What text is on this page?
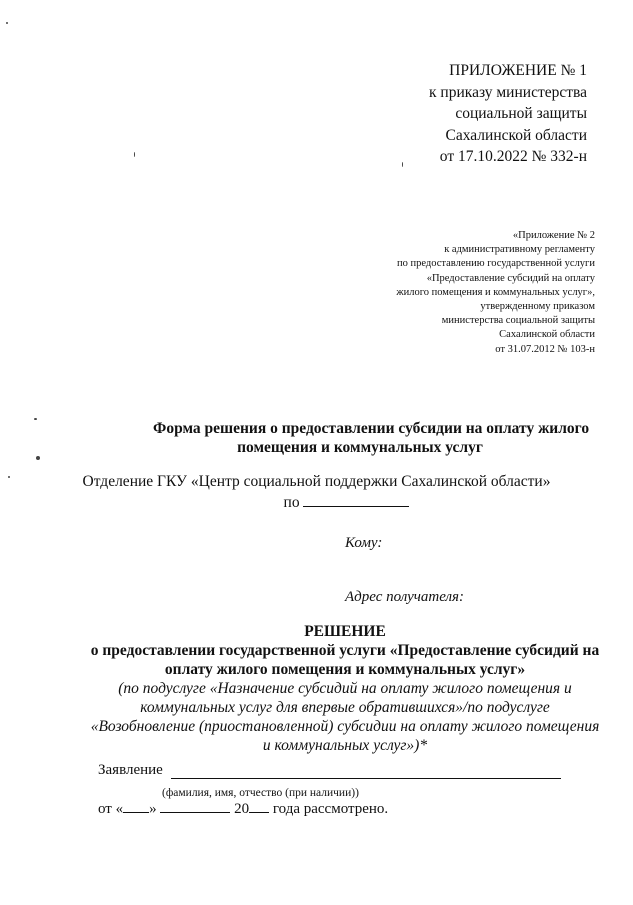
ПРИЛОЖЕНИЕ № 1
к приказу министерства
социальной защиты
Сахалинской области
от 17.10.2022 № 332-н
«Приложение № 2
к административному регламенту
по предоставлению государственной услуги
«Предоставление субсидий на оплату
жилого помещения и коммунальных услуг»,
утвержденному приказом
министерства социальной защиты
Сахалинской области
от 31.07.2012 № 103-н
Форма решения о предоставлении субсидии на оплату жилого
помещения и коммунальных услуг
Отделение ГКУ «Центр социальной поддержки Сахалинской области»
по
Кому:
Адрес получателя:
РЕШЕНИЕ
о предоставлении государственной услуги «Предоставление субсидий на
оплату жилого помещения и коммунальных услуг»
(по подуслуге «Назначение субсидий на оплату жилого помещения и
коммунальных услуг для впервые обратившихся»/по подуслуге
«Возобновление (приостановленной) субсидии на оплату жилого помещения
и коммунальных услуг»)*
Заявление
(фамилия, имя, отчество (при наличии))
от « »	20 года рассмотрено.
